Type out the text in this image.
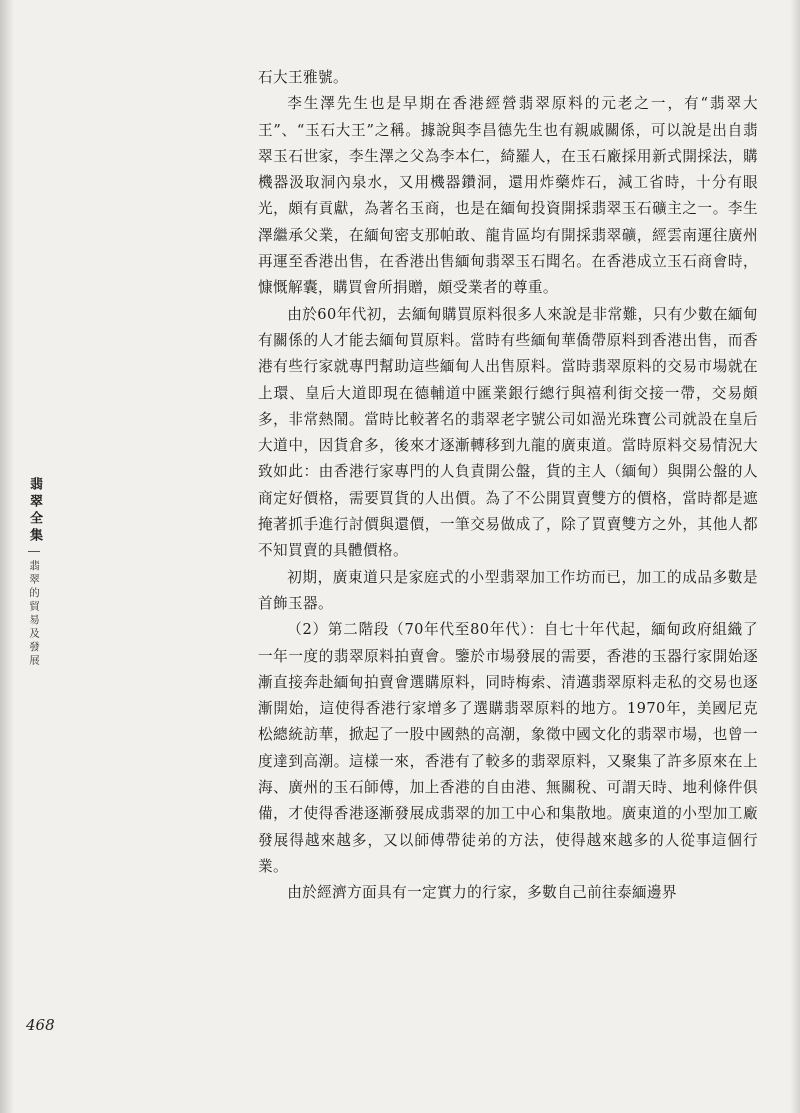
石大王雅號。

李生澤先生也是早期在香港經營翡翠原料的元老之一，有“翡翠大王”、“玉石大王”之稱。據說與李昌德先生也有親戚關係，可以說是出自翡翠玉石世家，李生澤之父為李本仁，綺羅人，在玉石廠採用新式開採法，購機器汲取洞內泉水，又用機器鑽洞，還用炸藥炸石，減工省時，十分有眼光，頗有貢獻，為著名玉商，也是在緬甸投資開採翡翠玉石礦主之一。李生澤繼承父業，在緬甸密支那帕敢、龍肯區均有開採翡翠礦，經雲南運往廣州再運至香港出售，在香港出售緬甸翡翠玉石聞名。在香港成立玉石商會時，慷慨解囊，購買會所捐贈，頗受業者的尊重。

由於60年代初，去緬甸購買原料很多人來說是非常難，只有少數在緬甸有關係的人才能去緬甸買原料。當時有些緬甸華僑帶原料到香港出售，而香港有些行家就專門幫助這些緬甸人出售原料。當時翡翠原料的交易市場就在上環、皇后大道即現在德輔道中匯業銀行總行與禧利街交接一帶，交易頗多，非常熱鬧。當時比較著名的翡翠老字號公司如澏光珠寶公司就設在皇后大道中，因貨倉多，後來才逐漸轉移到九龍的廣東道。當時原料交易情況大致如此：由香港行家專門的人負責開公盤，貨的主人（緬甸）與開公盤的人商定好價格，需要買貨的人出價。為了不公開買賣雙方的價格，當時都是遮掩著抓手進行討價與還價，一筆交易做成了，除了買賣雙方之外，其他人都不知買賣的具體價格。

初期，廣東道只是家庭式的小型翡翠加工作坊而已，加工的成品多數是首飾玉器。

（2）第二階段（70年代至80年代）：自七十年代起，緬甸政府組織了一年一度的翡翠原料拍賣會。鑒於市場發展的需要，香港的玉器行家開始逐漸直接奔赴緬甸拍賣會選購原料，同時梅索、清邁翡翠原料走私的交易也逐漸開始，這使得香港行家增多了選購翡翠原料的地方。1970年，美國尼克松總統訪華，掀起了一股中國熱的高潮，象徵中國文化的翡翠市場，也曾一度達到高潮。這樣一來，香港有了較多的翡翠原料，又聚集了許多原來在上海、廣州的玉石師傅，加上香港的自由港、無關稅、可謂天時、地利條件俱備，才使得香港逐漸發展成翡翠的加工中心和集散地。廣東道的小型加工廠發展得越來越多，又以師傅帶徒弟的方法，使得越來越多的人從事這個行業。

由於經濟方面具有一定實力的行家，多數自己前往泰緬邊界

翡翠全集
翡翠的貿易及發展
468
